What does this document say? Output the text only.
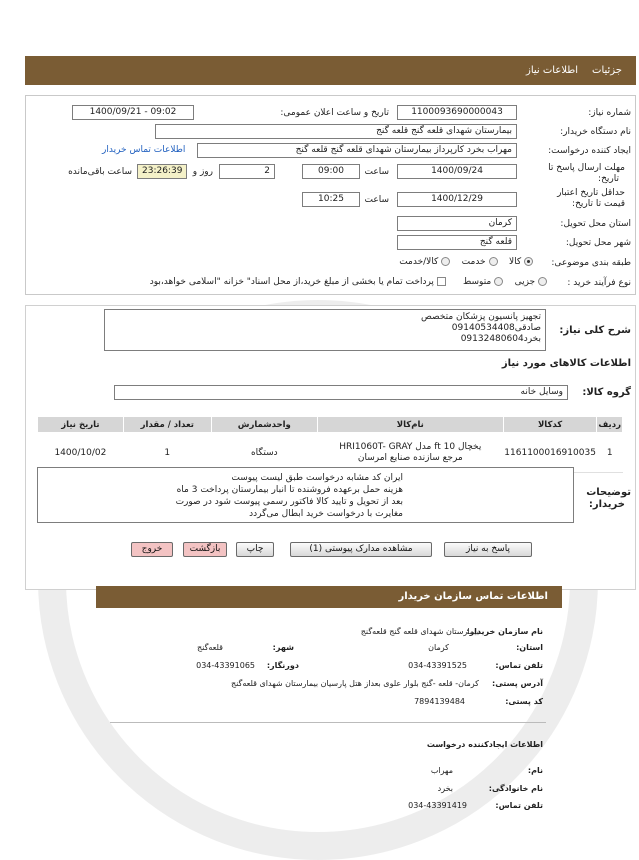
جزئیات
اطلاعات نیاز
شماره نیاز:
1100093690000043
تاریخ و ساعت اعلان عمومی:
1400/09/21 - 09:02
نام دستگاه خریدار:
بیمارستان شهدای قلعه گنج قلعه گنج
ایجاد کننده درخواست:
مهراب بخرد کارپرداز بیمارستان شهدای قلعه گنج قلعه گنج
اطلاعات تماس خریدار
مهلت ارسال پاسخ تا
تاریخ:
1400/09/24
ساعت
09:00
2
روز و
23:26:39
ساعت باقی‌مانده
حداقل تاریخ اعتبار
قیمت تا تاریخ:
1400/12/29
ساعت
10:25
استان محل تحویل:
کرمان
شهر محل تحویل:
قلعه گنج
طبقه بندی موضوعی:
کالا     خدمت     کالا/خدمت
نوع فرآیند خرید :
جزیی     متوسط       پرداخت تمام یا بخشی از مبلغ خرید،از محل اسناد" خزانه "اسلامی خواهد،بود
شرح کلی نیاز:
تجهیز پانسیون پزشکان متخصص
صادقی09140534408
بخرد09132480604
اطلاعات کالاهای مورد نیاز
گروه کالا:
وسایل خانه
ردیف	کدکالا	نام‌کالا	واحدشمارش	تعداد / مقدار	تاریخ نیاز
1	1161100016910035	یخچال 10 ft مدل HRI1060T- GRAY
مرجع سازنده صنایع امرسان	دستگاه	1	1400/10/02
توضیحات
خریدار:
ایران کد مشابه درخواست طبق لیست پیوست
هزینه حمل برعهده فروشنده تا انبار بیمارستان پرداخت 3 ماه
بعد از تحویل و تایید کالا فاکتور رسمی پیوست شود در صورت
مغایرت با درخواست خرید ابطال می‌گردد
پاسخ به نیاز
مشاهده مدارک پیوستی (1)
چاپ
بازگشت
خروج
اطلاعات تماس سازمان خریدار
نام سازمان خریدار:
بیمارستان شهدای قلعه گنج قلعه‌گنج
استان:
کرمان
شهر:
قلعه‌گنج
تلفن تماس:
034-43391525
دورنگار:
034-43391065
آدرس پستی:
کرمان- قلعه -گنج بلوار علوی بعداز هتل پارسیان بیمارستان شهدای قلعه‌گنج
کد پستی:
7894139484
اطلاعات ایجادکننده درخواست
نام:
مهراب
نام خانوادگی:
بخرد
تلفن تماس:
034-43391419
